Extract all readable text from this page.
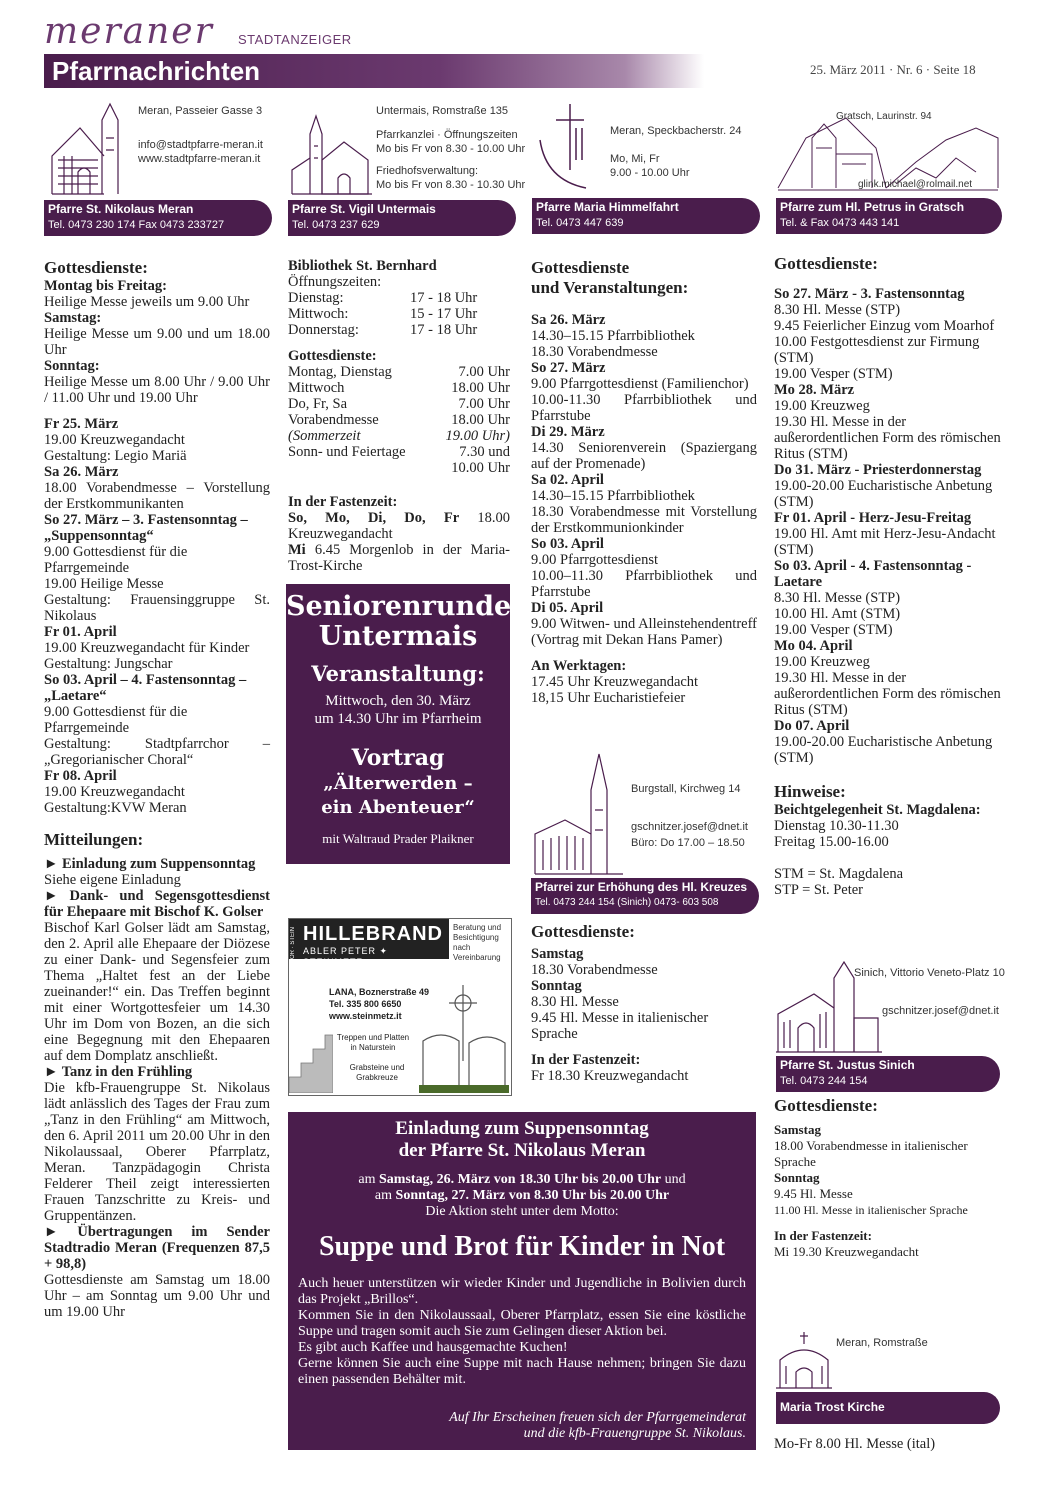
meraner STADTANZEIGER
Pfarrnachrichten	25. März 2011 · Nr. 6 · Seite 18
Meran, Passeier Gasse 3
info@stadtpfarre-meran.it
www.stadtpfarre-meran.it
Pfarre St. Nikolaus Meran
Tel. 0473 230 174 Fax 0473 233727
Untermais, Romstraße 135
Pfarrkanzlei · Öffnungszeiten
Mo bis Fr von 8.30 - 10.00 Uhr
Friedhofsverwaltung:
Mo bis Fr von 8.30 - 10.30 Uhr
Pfarre St. Vigil Untermais
Tel. 0473 237 629
Meran, Speckbacherstr. 24
Mo, Mi, Fr
9.00 - 10.00 Uhr
Pfarre Maria Himmelfahrt
Tel. 0473 447 639
Gratsch, Laurinstr. 94
glink.michael@rolmail.net
Pfarre zum Hl. Petrus in Gratsch
Tel. & Fax 0473 443 141

Gottesdienste:

Montag bis Freitag:

Heilige Messe jeweils um 9.00 Uhr

Samstag:

Heilige Messe um 9.00 und um 18.00 Uhr

Sonntag:

Heilige Messe um 8.00 Uhr / 9.00 Uhr / 11.00 Uhr und 19.00 Uhr

Fr 25. März

19.00 Kreuzwegandacht

Gestaltung: Legio Mariä

Sa 26. März

18.00 Vorabendmesse – Vorstellung der Erstkommunikanten

So 27. März – 3. Fastensonntag – „Suppensonntag“

9.00 Gottesdienst für die Pfarrgemeinde

19.00 Heilige Messe

Gestaltung: Frauensinggruppe St. Nikolaus

Fr 01. April

19.00 Kreuzwegandacht für Kinder

Gestaltung: Jungschar

So 03. April – 4. Fastensonntag – „Laetare“

9.00 Gottesdienst für die Pfarrgemeinde

Gestaltung: Stadtpfarrchor – „Gregorianischer Choral“

Fr 08. April

19.00 Kreuzwegandacht

Gestaltung:KVW Meran

Mitteilungen:

► Einladung zum Suppensonntag

Siehe eigene Einladung

► Dank- und Segensgottesdienst für Ehepaare mit Bischof K. Golser

Bischof Karl Golser lädt am Samstag, den 2. April alle Ehepaare der Diözese zu einer Dank- und Segensfeier zum Thema „Haltet fest an der Liebe zueinander!“ ein. Das Treffen beginnt mit einer Wortgottesfeier um 14.30 Uhr im Dom von Bozen, an die sich eine Begegnung mit den Ehepaaren auf dem Domplatz anschließt.

► Tanz in den Frühling

Die kfb-Frauengruppe St. Nikolaus lädt anlässlich des Tages der Frau zum „Tanz in den Frühling“ am Mittwoch, den 6. April 2011 um 20.00 Uhr in den Nikolaussaal, Oberer Pfarrplatz, Meran. Tanzpädagogin Christa Felderer Theil zeigt interessierten Frauen Tanzschritte zu Kreis- und Gruppentänzen.

► Übertragungen im Sender Stadtradio Meran (Frequenzen 87,5 + 98,8)

Gottesdienste am Samstag um 18.00 Uhr – am Sonntag um 9.00 Uhr und um 19.00 Uhr

Bibliothek St. Bernhard

Öffnungszeiten:

Dienstag:	17 - 18 Uhr
Mittwoch:	15 - 17 Uhr
Donnerstag:	17 - 18 Uhr

Gottesdienste:

Montag, Dienstag	7.00 Uhr
Mittwoch	18.00 Uhr
Do, Fr, Sa	7.00 Uhr
Vorabendmesse	18.00 Uhr
(Sommerzeit	19.00 Uhr)
Sonn- und Feiertage	7.30 und
10.00 Uhr

In der Fastenzeit:

So, Mo, Di, Do, Fr 18.00 Kreuzwegandacht

Mi 6.45 Morgenlob in der Maria-Trost-Kirche

Seniorenrunde
Untermais
Veranstaltung:
Mittwoch, den 30. März
um 14.30 Uhr im Pfarrheim
Vortrag
„Älterwerden –
ein Abenteuer“
mit Waltraud Prader Plaikner
HILLEBRAND
ABLER PETER ✦ STEINMETZ
MARMOR · STEIN	Beratung und Besichtigung nach Vereinbarung
LANA, Boznerstraße 49
Tel. 335 800 6650
www.steinmetz.it
Treppen und Platten in Naturstein
Grabsteine und Grabkreuze
Einladung zum Suppensonntag
der Pfarre St. Nikolaus Meran
am Samstag, 26. März von 18.30 Uhr bis 20.00 Uhr und
am Sonntag, 27. März von 8.30 Uhr bis 20.00 Uhr
Die Aktion steht unter dem Motto:
Suppe und Brot für Kinder in Not

Auch heuer unterstützen wir wieder Kinder und Jugendliche in Bolivien durch das Projekt „Brillos“.

Kommen Sie in den Nikolaussaal, Oberer Pfarrplatz, essen Sie eine köstliche Suppe und tragen somit auch Sie zum Gelingen dieser Aktion bei.

Es gibt auch Kaffee und hausgemachte Kuchen!

Gerne können Sie auch eine Suppe mit nach Hause nehmen; bringen Sie dazu einen passenden Behälter mit.

Auf Ihr Erscheinen freuen sich der Pfarrgemeinderat
und die kfb-Frauengruppe St. Nikolaus.

Gottesdienste

und Veranstaltungen:

Sa 26. März

14.30–15.15 Pfarrbibliothek

18.30 Vorabendmesse

So 27. März

9.00 Pfarrgottesdienst (Familienchor)

10.00-11.30 Pfarrbibliothek und Pfarrstube

Di 29. März

14.30 Seniorenverein (Spaziergang auf der Promenade)

Sa 02. April

14.30–15.15 Pfarrbibliothek

18.30 Vorabendmesse mit Vorstellung der Erstkommunionkinder

So 03. April

9.00 Pfarrgottesdienst

10.00–11.30 Pfarrbibliothek und Pfarrstube

Di 05. April

9.00 Witwen- und Alleinstehendentreff (Vortrag mit Dekan Hans Pamer)

An Werktagen:

17.45 Uhr Kreuzwegandacht

18,15 Uhr Eucharistiefeier

Burgstall, Kirchweg 14
gschnitzer.josef@dnet.it
Büro: Do 17.00 – 18.50
Pfarrei zur Erhöhung des Hl. Kreuzes
Tel. 0473 244 154 (Sinich) 0473- 603 508

Gottesdienste:

Samstag

18.30 Vorabendmesse

Sonntag

8.30 Hl. Messe

9.45 Hl. Messe in italienischer Sprache

In der Fastenzeit:

Fr 18.30 Kreuzwegandacht

Gottesdienste:

So 27. März - 3. Fastensonntag

8.30 Hl. Messe (STP)

9.45 Feierlicher Einzug vom Moarhof

10.00 Festgottesdienst zur Firmung (STM)

19.00 Vesper (STM)

Mo 28. März

19.00 Kreuzweg

19.30 Hl. Messe in der außerordentlichen Form des römischen Ritus (STM)

Do 31. März - Priesterdonnerstag

19.00-20.00 Eucharistische Anbetung (STM)

Fr 01. April - Herz-Jesu-Freitag

19.00 Hl. Amt mit Herz-Jesu-Andacht (STM)

So 03. April - 4. Fastensonntag - Laetare

8.30 Hl. Messe (STP)

10.00 Hl. Amt (STM)

19.00 Vesper (STM)

Mo 04. April

19.00 Kreuzweg

19.30 Hl. Messe in der außerordentlichen Form des römischen Ritus (STM)

Do 07. April

19.00-20.00 Eucharistische Anbetung (STM)

Hinweise:

Beichtgelegenheit St. Magdalena:

Dienstag 10.30-11.30

Freitag 15.00-16.00

STM = St. Magdalena

STP = St. Peter

Sinich, Vittorio Veneto-Platz 10
gschnitzer.josef@dnet.it
Pfarre St. Justus Sinich
Tel. 0473 244 154

Gottesdienste:

Samstag

18.00 Vorabendmesse in italienischer Sprache

Sonntag

9.45 Hl. Messe

11.00 Hl. Messe in italienischer Sprache

In der Fastenzeit:

Mi 19.30 Kreuzwegandacht

Meran, Romstraße
Maria Trost Kirche

Mo-Fr 8.00 Hl. Messe (ital)
